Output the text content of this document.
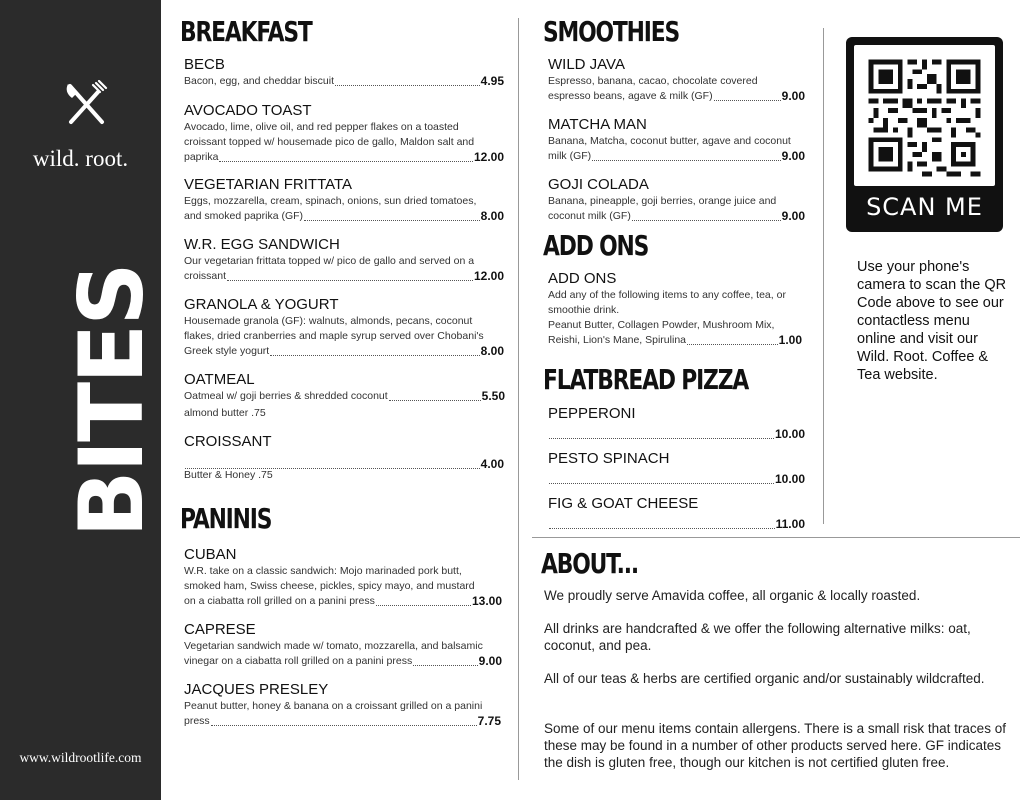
wild. root.
BITES
www.wildrootlife.com
BREAKFAST
PANINIS
SMOOTHIES
ADD ONS
FLATBREAD PIZZA
ABOUT...
BECB
Bacon, egg, and cheddar biscuit	4.95
AVOCADO TOAST
Avocado, lime, olive oil, and red pepper flakes on a toasted
croissant topped w/ housemade pico de gallo, Maldon salt and
paprika	12.00
VEGETARIAN FRITTATA
Eggs, mozzarella, cream, spinach, onions, sun dried tomatoes,
and smoked paprika (GF)	8.00
W.R. EGG SANDWICH
Our vegetarian frittata topped w/ pico de gallo and served on a
croissant	12.00
GRANOLA & YOGURT
Housemade granola (GF): walnuts, almonds, pecans, coconut
flakes, dried cranberries and maple syrup served over Chobani's
Greek style yogurt	8.00
OATMEAL
Oatmeal w/ goji berries & shredded coconut	5.50
almond butter .75
CROISSANT
4.00
Butter & Honey .75
CUBAN
W.R. take on a classic sandwich: Mojo marinaded pork butt,
smoked ham, Swiss cheese, pickles, spicy mayo, and mustard
on a ciabatta roll grilled on a panini press	13.00
CAPRESE
Vegetarian sandwich made w/ tomato, mozzarella, and balsamic
vinegar on a ciabatta roll grilled on a panini press	9.00
JACQUES PRESLEY
Peanut butter, honey & banana on a croissant grilled on a panini
press	7.75
WILD JAVA
Espresso, banana, cacao, chocolate covered
espresso beans, agave & milk (GF)	9.00
MATCHA MAN
Banana, Matcha, coconut butter, agave and coconut
milk (GF)	9.00
GOJI COLADA
Banana, pineapple, goji berries, orange juice and
coconut milk (GF)	9.00
ADD ONS
Add any of the following items to any coffee, tea, or
smoothie drink.
Peanut Butter, Collagen Powder, Mushroom Mix,
Reishi, Lion's Mane, Spirulina	1.00
PEPPERONI
10.00
PESTO SPINACH
10.00
FIG & GOAT CHEESE
11.00
SCAN ME
Use your phone's camera to scan the QR Code above to see our contactless menu online and visit our Wild. Root. Coffee & Tea website.
We proudly serve Amavida coffee, all organic & locally roasted.
All drinks are handcrafted & we offer the following alternative milks: oat, coconut, and pea.
All of our teas & herbs are certified organic and/or sustainably wildcrafted.
Some of our menu items contain allergens. There is a small risk that traces of these may be found in a number of other products served here. GF indicates the dish is gluten free, though our kitchen is not certified gluten free.
